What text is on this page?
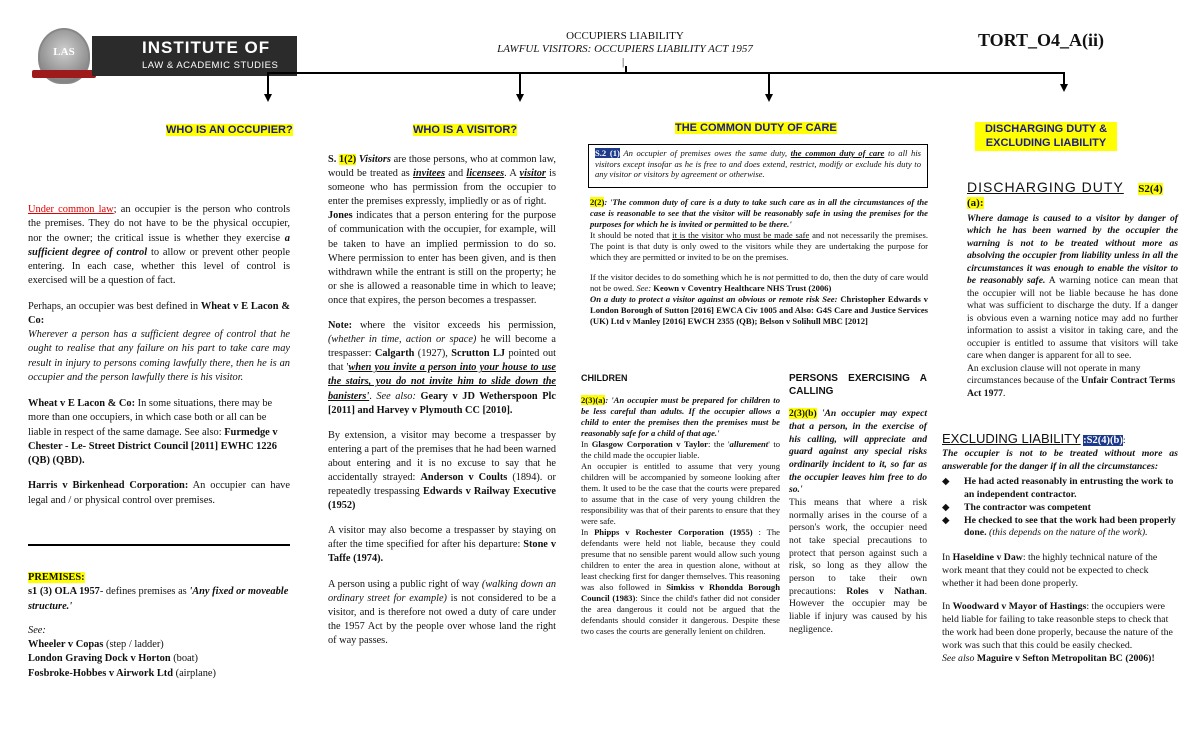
LAS	INSTITUTE OF
LAW & ACADEMIC STUDIES
OCCUPIERS LIABILITY
LAWFUL VISITORS: OCCUPIERS LIABILITY ACT 1957
|
TORT_O4_A(ii)
WHO IS AN OCCUPIER?	WHO IS A VISITOR?	THE COMMON DUTY OF CARE	DISCHARGING DUTY & EXCLUDING LIABILITY

Under common law; an occupier is the person who controls the premises. They do not have to be the physical occupier, nor the owner; the critical issue is whether they exercise a sufficient degree of control to allow or prevent other people entering. In each case, whether this level of control is exercised will be a question of fact.

Perhaps, an occupier was best defined in Wheat v E Lacon & Co:
Wherever a person has a sufficient degree of control that he ought to realise that any failure on his part to take care may result in injury to persons coming lawfully there, then he is an occupier and the person lawfully there is his visitor.

Wheat v E Lacon & Co: In some situations, there may be more than one occupiers, in which case both or all can be liable in respect of the same damage. See also: Furmedge v Chester - Le- Street District Council [2011] EWHC 1226 (QB) (QBD).

Harris v Birkenhead Corporation: An occupier can have legal and / or physical control over premises.

PREMISES:
s1 (3) OLA 1957- defines premises as 'Any fixed or moveable structure.'
See:
Wheeler v Copas (step / ladder)
London Graving Dock v Horton (boat)
Fosbroke-Hobbes v Airwork Ltd (airplane)

S. 1(2) Visitors are those persons, who at common law, would be treated as invitees and licensees. A visitor is someone who has permission from the occupier to enter the premises expressly, impliedly or as of right.

Jones indicates that a person entering for the purpose of communication with the occupier, for example, will be taken to have an implied permission to do so. Where permission to enter has been given, and is then withdrawn while the entrant is still on the property; he or she is allowed a reasonable time in which to leave; once that expires, the person becomes a trespasser.

Note: where the visitor exceeds his permission, (whether in time, action or space) he will become a trespasser: Calgarth (1927), Scrutton LJ pointed out that 'when you invite a person into your house to use the stairs, you do not invite him to slide down the banisters'. See also: Geary v JD Wetherspoon Plc [2011] and Harvey v Plymouth CC [2010].

By extension, a visitor may become a trespasser by entering a part of the premises that he had been warned about entering and it is no excuse to say that he accidentally strayed: Anderson v Coults (1894). or repeatedly trespassing Edwards v Railway Executive (1952)

A visitor may also become a trespasser by staying on after the time specified for after his departure: Stone v Taffe (1974).

A person using a public right of way (walking down an ordinary street for example) is not considered to be a visitor, and is therefore not owed a duty of care under the 1957 Act by the people over whose land the right of way passes.

S.2 (1) An occupier of premises owes the same duty, the common duty of care to all his visitors except insofar as he is free to and does extend, restrict, modify or exclude his duty to any visitor or visitors by agreement or otherwise.

2(2): 'The common duty of care is a duty to take such care as in all the circumstances of the case is reasonable to see that the visitor will be reasonably safe in using the premises for the purposes for which he is invited or permitted to be there.'

It should be noted that it is the visitor who must be made safe and not necessarily the premises. The point is that duty is only owed to the visitors while they are undertaking the purpose for which they are permitted or invited to be on the premises.

If the visitor decides to do something which he is not permitted to do, then the duty of care would not be owed. See: Keown v Coventry Healthcare NHS Trust (2006)

On a duty to protect a visitor against an obvious or remote risk See: Christopher Edwards v London Borough of Sutton [2016] EWCA Civ 1005 and Also: G4S Care and Justice Services (UK) Ltd v Manley [2016] EWCH 2355 (QB); Belson v Solihull MBC [2012]

CHILDREN

2(3)(a): 'An occupier must be prepared for children to be less careful than adults. If the occupier allows a child to enter the premises then the premises must be reasonably safe for a child of that age.'

In Glasgow Corporation v Taylor: the 'allurement' to the child made the occupier liable.

An occupier is entitled to assume that very young children will be accompanied by someone looking after them. It used to be the case that the courts were prepared to assume that in the case of very young children the responsibility was that of their parents to ensure that they were safe.

In Phipps v Rochester Corporation (1955) : The defendants were held not liable, because they could presume that no sensible parent would allow such young children to enter the area in question alone, without at least checking first for danger themselves. This reasoning was also followed in Simkiss v Rhondda Borough Council (1983): Since the child's father did not consider the area dangerous it could not be argued that the defendants should consider it dangerous. Despite these two cases the courts are generally lenient on children.

PERSONS EXERCISING A CALLING
2(3)(b) 'An occupier may expect that a person, in the exercise of his calling, will appreciate and guard against any special risks ordinarily incident to it, so far as the occupier leaves him free to do so.'
This means that where a risk normally arises in the course of a person's work, the occupier need not take special precautions to protect that person against such a risk, so long as they allow the person to take their own precautions: Roles v Nathan. However the occupier may be liable if injury was caused by his negligence.
DISCHARGING DUTY S2(4)(a):
Where damage is caused to a visitor by danger of which he has been warned by the occupier the warning is not to be treated without more as absolving the occupier from liability unless in all the circumstances it was enough to enable the visitor to be reasonably safe. A warning notice can mean that the occupier will not be liable because he has done what was sufficient to discharge the duty. If a danger is obvious even a warning notice may add no further information to assist a visitor in taking care, and the occupier is entitled to assume that visitors will take care when danger is apparent for all to see.
An exclusion clause will not operate in many circumstances because of the Unfair Contract Terms Act 1977.
EXCLUDING LIABILITY :S2(4)(b):
The occupier is not to be treated without more as answerable for the danger if in all the circumstances:
◆	He had acted reasonably in entrusting the work to an independent contractor.
◆	The contractor was competent
◆	He checked to see that the work had been properly done. (this depends on the nature of the work).
In Haseldine v Daw: the highly technical nature of the work meant that they could not be expected to check whether it had been done properly.
In Woodward v Mayor of Hastings: the occupiers were held liable for failing to take reasonble steps to check that the work had been done properly, because the nature of the work was such that this could be easily checked.
See also Maguire v Sefton Metropolitan BC (2006)!
